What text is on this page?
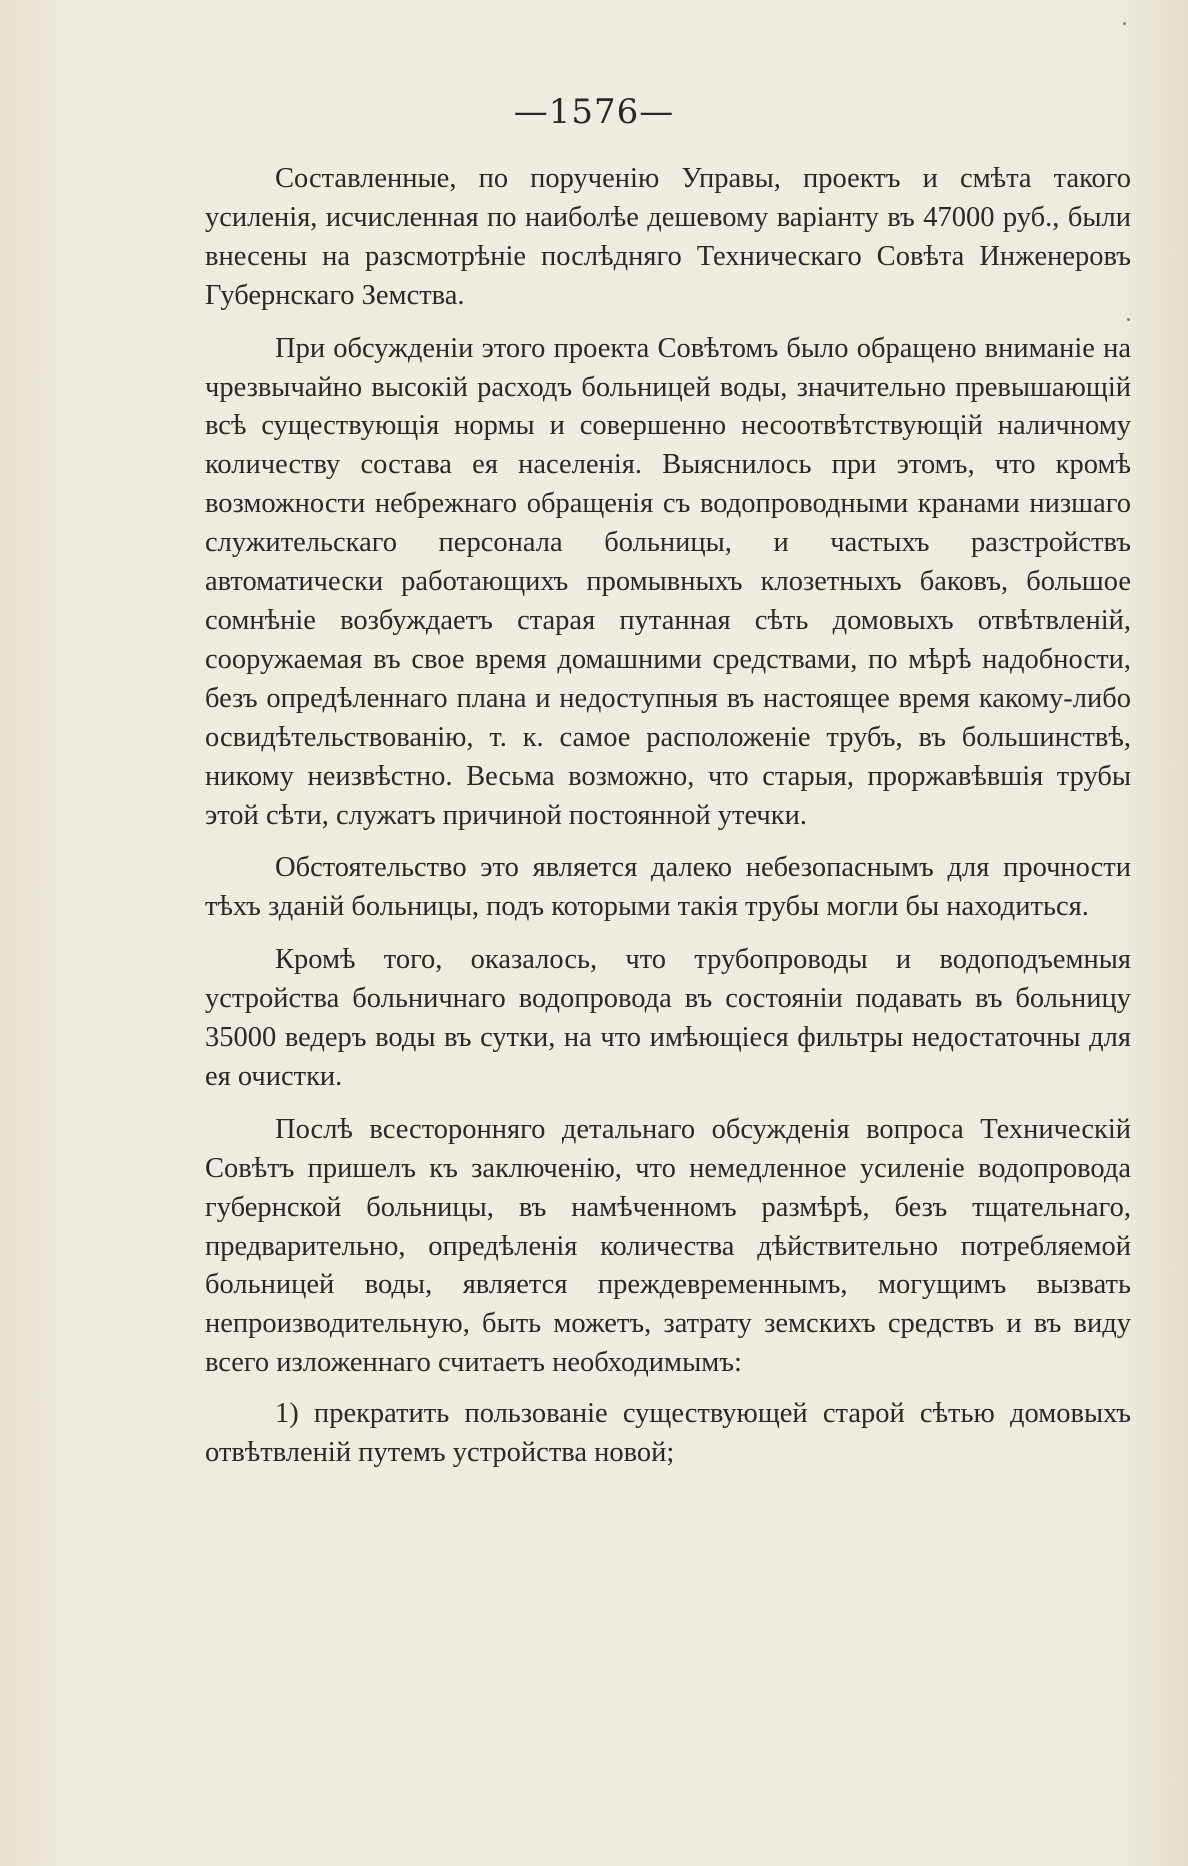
—1576—

Составленные, по порученію Управы, проектъ и смѣта такого усиленія, исчисленная по наиболѣе дешевому варіанту въ 47000 руб., были внесены на разсмотрѣніе послѣдняго Техническаго Совѣта Инженеровъ Губернскаго Земства.

При обсужденіи этого проекта Совѣтомъ было обращено вниманіе на чрезвычайно высокій расходъ больницей воды, значительно превышающій всѣ существующія нормы и совершенно несоотвѣтствующій наличному количеству состава ея населенія. Выяснилось при этомъ, что кромѣ возможности небрежнаго обращенія съ водопроводными кранами низшаго служительскаго персонала больницы, и частыхъ разстройствъ автоматически работающихъ промывныхъ клозетныхъ баковъ, большое сомнѣніе возбуждаетъ старая путанная сѣть домовыхъ отвѣтвленій, сооружаемая въ свое время домашними средствами, по мѣрѣ надобности, безъ опредѣленнаго плана и недоступныя въ настоящее время какому-либо освидѣтельствованію, т. к. самое расположеніе трубъ, въ большинствѣ, никому неизвѣстно. Весьма возможно, что старыя, проржавѣвшія трубы этой сѣти, служатъ причиной постоянной утечки.

Обстоятельство это является далеко небезопаснымъ для прочности тѣхъ зданій больницы, подъ которыми такія трубы могли бы находиться.

Кромѣ того, оказалось, что трубопроводы и водоподъемныя устройства больничнаго водопровода въ состояніи подавать въ больницу 35000 ведеръ воды въ сутки, на что имѣющіеся фильтры недостаточны для ея очистки.

Послѣ всесторонняго детальнаго обсужденія вопроса Техническій Совѣтъ пришелъ къ заключенію, что немедленное усиленіе водопровода губернской больницы, въ намѣченномъ размѣрѣ, безъ тщательнаго, предварительно, опредѣленія количества дѣйствительно потребляемой больницей воды, является преждевременнымъ, могущимъ вызвать непроизводительную, быть можетъ, затрату земскихъ средствъ и въ виду всего изложеннаго считаетъ необходимымъ:

1) прекратить пользованіе существующей старой сѣтью домовыхъ отвѣтвленій путемъ устройства новой;
